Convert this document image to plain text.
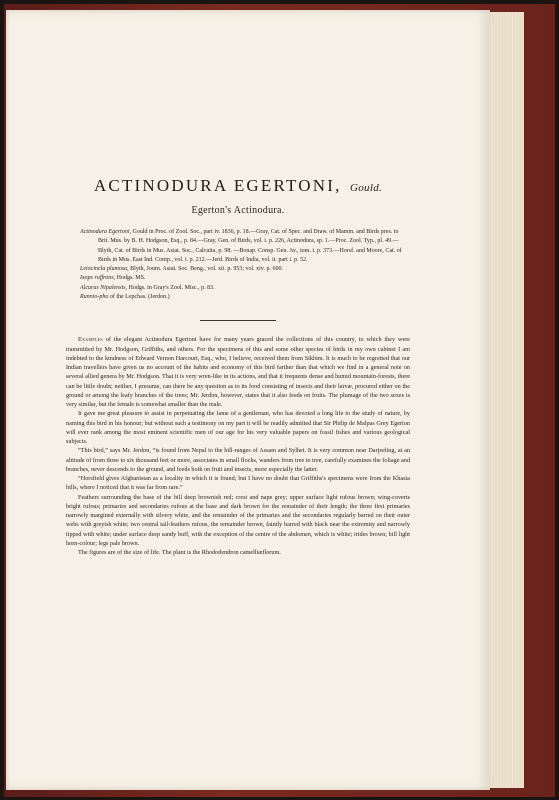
ACTINODURA EGERTONI, Gould.
Egerton's Actinodura.

Actinodura Egertoni, Gould in Proc. of Zool. Soc., part iv. 1836, p. 18.—Gray, Cat. of Spec. and Draw. of Mamm. and Birds pres. to Brit. Mus. by B. H. Hodgson, Esq., p. 84.—Gray, Gen. of Birds, vol. i. p. 226, Actinodura, sp. 1.—Proc. Zool. Typ., pl. 49.—Blyth, Cat. of Birds in Mus. Asiat. Soc., Calcutta, p. 98. —Bonap. Consp. Gen. Av., tom. i. p. 373.—Horsf. and Moore, Cat. of Birds in Mus. East Ind. Comp., vol. i. p. 212.—Jerd. Birds of India, vol. ii. part i. p. 52.

Leiocincla plumosa, Blyth, Journ. Asiat. Soc. Beng., vol. xii. p. 953; vol. xiv. p. 600.

Ixops ruffrons, Hodgs. MS.

Alcurus Nipalensis, Hodgs. in Gray's Zool. Misc., p. 83.

Runnio-pho of the Lepchas. (Jerdon.)

Examples of the elegant Actinodura Egertoni have for many years graced the collections of this country, to which they were transmitted by Mr. Hodgson, Griffiths, and others. For the specimens of this and some other species of birds in my own cabinet I am indebted to the kindness of Edward Vernon Harcourt, Esq., who, I believe, received them from Sikhim. It is much to be regretted that our Indian travellers have given us no account of the habits and economy of this bird farther than that which we find in a general note on several allied genera by Mr. Hodgson. That it is very wren-like in its actions, and that it frequents dense and humid mountain-forests, there can be little doubt; neither, I presume, can there be any question as to its food consisting of insects and their larvæ, procured either on the ground or among the leafy branches of the trees; Mr. Jerdon, however, states that it also feeds on fruits. The plumage of the two sexes is very similar, but the female is somewhat smaller than the male.

It gave me great pleasure to assist in perpetuating the fame of a gentleman, who has devoted a long life to the study of nature, by naming this bird in his honour; but without such a testimony on my part it will be readily admitted that Sir Philip de Malpas Grey Egerton will ever rank among the most eminent scientific men of our age for his very valuable papers on fossil fishes and various geological subjects.

“This bird,” says Mr. Jerdon, “is found from Nepal to the hill-ranges of Assam and Sylhet. It is very common near Darjeeling, at an altitude of from three to six thousand feet or more, associates in small flocks, wanders from tree to tree, carefully examines the foliage and branches, never descends to the ground, and feeds both on fruit and insects, more especially the latter.

“Horsfield gives Afghanistan as a locality in which it is found; but I have no doubt that Griffiths's specimens were from the Khasia hills, where I noticed that it was far from rare.”

Feathers surrounding the base of the bill deep brownish red; crest and nape grey; upper surface light rufous brown; wing-coverts bright rufous; primaries and secondaries rufous at the base and dark brown for the remainder of their length; the three first primaries narrowly margined externally with silvery white, and the remainder of the primaries and the secondaries regularly barred on their outer webs with greyish white; two central tail-feathers rufous, the remainder brown, faintly barred with black near the extremity and narrowly tipped with white; under surface deep sandy buff, with the exception of the centre of the abdomen, which is white; irides brown; bill light horn-colour; legs pale brown.

The figures are of the size of life. The plant is the Rhododendron camelliæflorum.
